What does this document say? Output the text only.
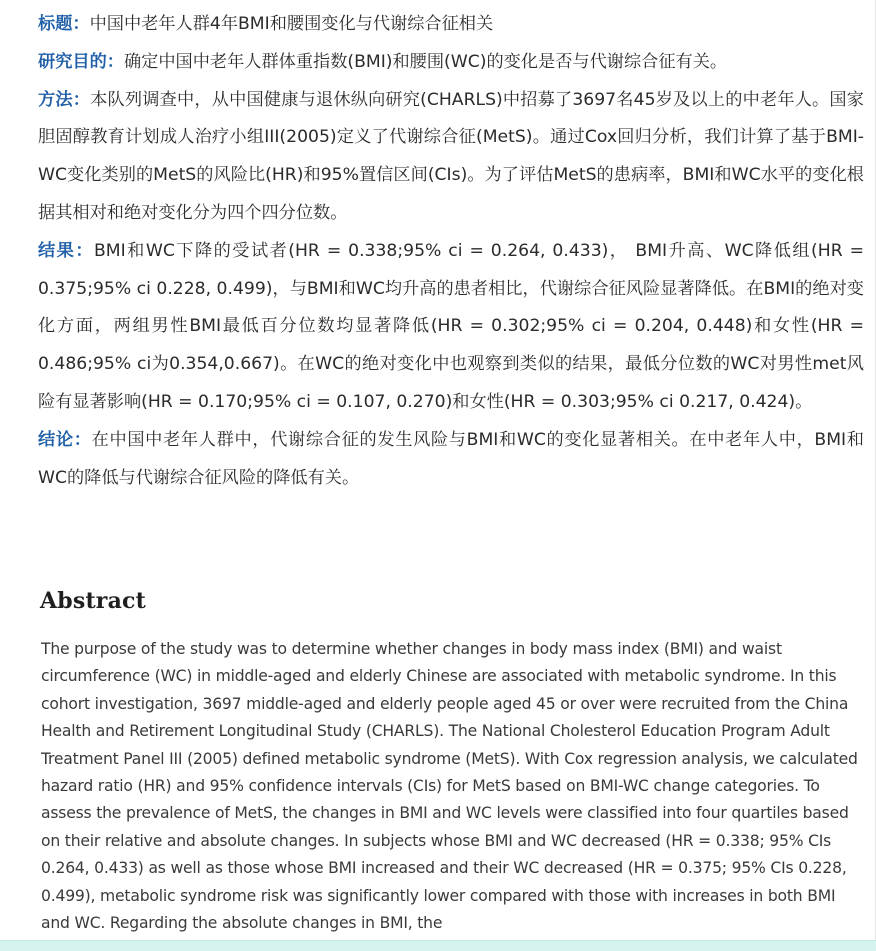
标题：中国中老年人群4年BMI和腰围变化与代谢综合征相关

研究目的：确定中国中老年人群体重指数(BMI)和腰围(WC)的变化是否与代谢综合征有关。

方法：本队列调查中，从中国健康与退休纵向研究(CHARLS)中招募了3697名45岁及以上的中老年人。国家胆固醇教育计划成人治疗小组III(2005)定义了代谢综合征(MetS)。通过Cox回归分析，我们计算了基于BMI-WC变化类别的MetS的风险比(HR)和95%置信区间(CIs)。为了评估MetS的患病率，BMI和WC水平的变化根据其相对和绝对变化分为四个四分位数。

结果：BMI和WC下降的受试者(HR = 0.338;95% ci = 0.264, 0.433)， BMI升高、WC降低组(HR = 0.375;95% ci 0.228, 0.499)，与BMI和WC均升高的患者相比，代谢综合征风险显著降低。在BMI的绝对变化方面，两组男性BMI最低百分位数均显著降低(HR = 0.302;95% ci = 0.204, 0.448)和女性(HR = 0.486;95% ci为0.354,0.667)。在WC的绝对变化中也观察到类似的结果，最低分位数的WC对男性met风险有显著影响(HR = 0.170;95% ci = 0.107, 0.270)和女性(HR = 0.303;95% ci 0.217, 0.424)。

结论：在中国中老年人群中，代谢综合征的发生风险与BMI和WC的变化显著相关。在中老年人中，BMI和WC的降低与代谢综合征风险的降低有关。

Abstract

The purpose of the study was to determine whether changes in body mass index (BMI) and waist circumference (WC) in middle-aged and elderly Chinese are associated with metabolic syndrome. In this cohort investigation, 3697 middle-aged and elderly people aged 45 or over were recruited from the China Health and Retirement Longitudinal Study (CHARLS). The National Cholesterol Education Program Adult Treatment Panel III (2005) defined metabolic syndrome (MetS). With Cox regression analysis, we calculated hazard ratio (HR) and 95% confidence intervals (CIs) for MetS based on BMI-WC change categories. To assess the prevalence of MetS, the changes in BMI and WC levels were classified into four quartiles based on their relative and absolute changes. In subjects whose BMI and WC decreased (HR = 0.338; 95% CIs 0.264, 0.433) as well as those whose BMI increased and their WC decreased (HR = 0.375; 95% CIs 0.228, 0.499), metabolic syndrome risk was significantly lower compared with those with increases in both BMI and WC. Regarding the absolute changes in BMI, the
